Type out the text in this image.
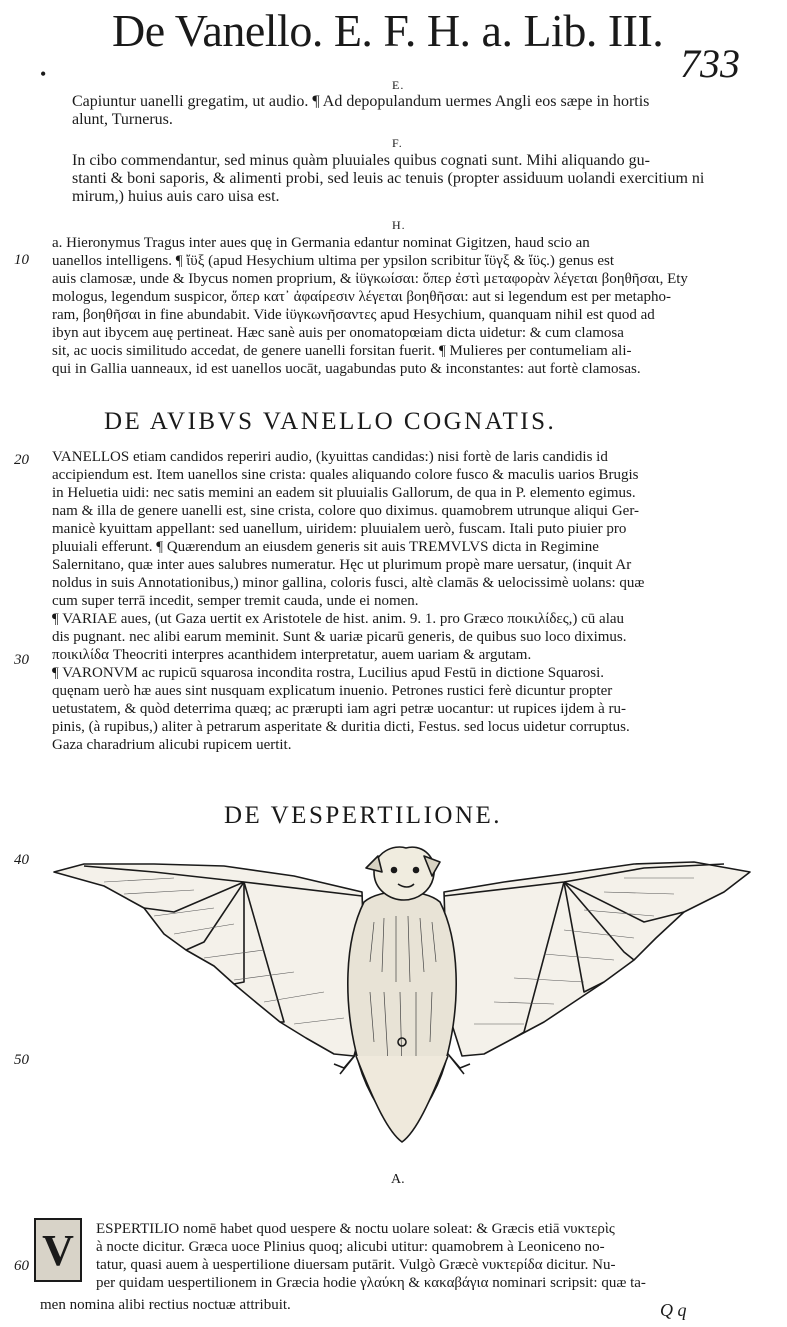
De Vanello. E. F. H. a. Lib. III.
733
•
E.
Capiuntur uanelli gregatim, ut audio. ¶ Ad depopulandum uermes Angli eos sæpe in hortis
alunt, Turnerus.
F.
In cibo commendantur, sed minus quàm pluuiales quibus cognati sunt. Mihi aliquando gu-
stanti & boni saporis, & alimenti probi, sed leuis ac tenuis (propter assiduum uolandi exercitium ni
mirum,) huius auis caro uisa est.
H.
a. Hieronymus Tragus inter aues quę in Germania edantur nominat Gigitzen, haud scio an
uanellos intelligens. ¶ ἴϋξ (apud Hesychium ultima per ypsilon scribitur ἴϋγξ & ἴϋς.) genus est
auis clamosæ, unde & Ibycus nomen proprium, & ἰϋγκωίσαι: ὅπερ ἐστὶ μεταφορὰν λέγεται βοηθῆσαι, Ety
mologus, legendum suspicor, ὅπερ κατ᾽ ἀφαίρεσιν λέγεται βοηθῆσαι: aut si legendum est per metapho-
ram, βοηθῆσαι in fine abundabit. Vide ἰϋγκωνῆσαντες apud Hesychium, quanquam nihil est quod ad
ibyn aut ibycem auę pertineat. Hæc sanè auis per onomatopœiam dicta uidetur: & cum clamosa
sit, ac uocis similitudo accedat, de genere uanelli forsitan fuerit. ¶ Mulieres per contumeliam ali-
qui in Gallia uanneaux, id est uanellos uocāt, uagabundas puto & inconstantes: aut fortè clamosas.
10
DE AVIBVS VANELLO COGNATIS.
20 VANELLOS etiam candidos reperiri audio, (kyuittas candidas:) nisi fortè de laris candidis id
accipiendum est. Item uanellos sine crista: quales aliquando colore fusco & maculis uarios Brugis
in Heluetia uidi: nec satis memini an eadem sit pluuialis Gallorum, de qua in P. elemento egimus.
nam & illa de genere uanelli est, sine crista, colore quo diximus. quamobrem utrunque aliqui Ger-
manicè kyuittam appellant: sed uanellum, uiridem: pluuialem uerò, fuscam. Itali puto piuier pro
pluuiali efferunt. ¶ Quærendum an eiusdem generis sit auis TREMVLVS dicta in Regimine
Salernitano, quæ inter aues salubres numeratur. Hęc ut plurimum propè mare uersatur, (inquit Ar
noldus in suis Annotationibus,) minor gallina, coloris fusci, altè clamās & uelocissimè uolans: quæ
cum super terrā incedit, semper tremit cauda, unde ei nomen.
¶ VARIAE aues, (ut Gaza uertit ex Aristotele de hist. anim. 9. 1. pro Græco ποικιλίδες,) cū alau
dis pugnant. nec alibi earum meminit. Sunt & uariæ picarū generis, de quibus suo loco diximus.
ποικιλίδα Theocriti interpres acanthidem interpretatur, auem uariam & argutam.
¶ VARONVM ac rupicū squarosa incondita rostra, Lucilius apud Festū in dictione Squarosi.
quęnam uerò hæ aues sint nusquam explicatum inuenio. Petrones rustici ferè dicuntur propter
uetustatem, & quòd deterrima quæq; ac prærupti iam agri petræ uocantur: ut rupices ijdem à ru-
pinis, (à rupibus,) aliter à petrarum asperitate & duritia dicti, Festus. sed locus uidetur corruptus.
Gaza charadrium alicubi rupicem uertit.
30
DE VESPERTILIONE.
40
50
A.
V	ESPERTILIO nomē habet quod uespere & noctu uolare soleat: & Græcis etiā νυκτερὶς
à nocte dicitur. Græca uoce Plinius quoq; alicubi utitur: quamobrem à Leoniceno no-
tatur, quasi auem à uespertilione diuersam putārit. Vulgò Græcè νυκτερίδα dicitur. Nu-
per quidam uespertilionem in Græcia hodie γλαύκη & κακαβάγια nominari scripsit: quæ ta-
men nomina alibi rectius noctuæ attribuit.
60
Q q
